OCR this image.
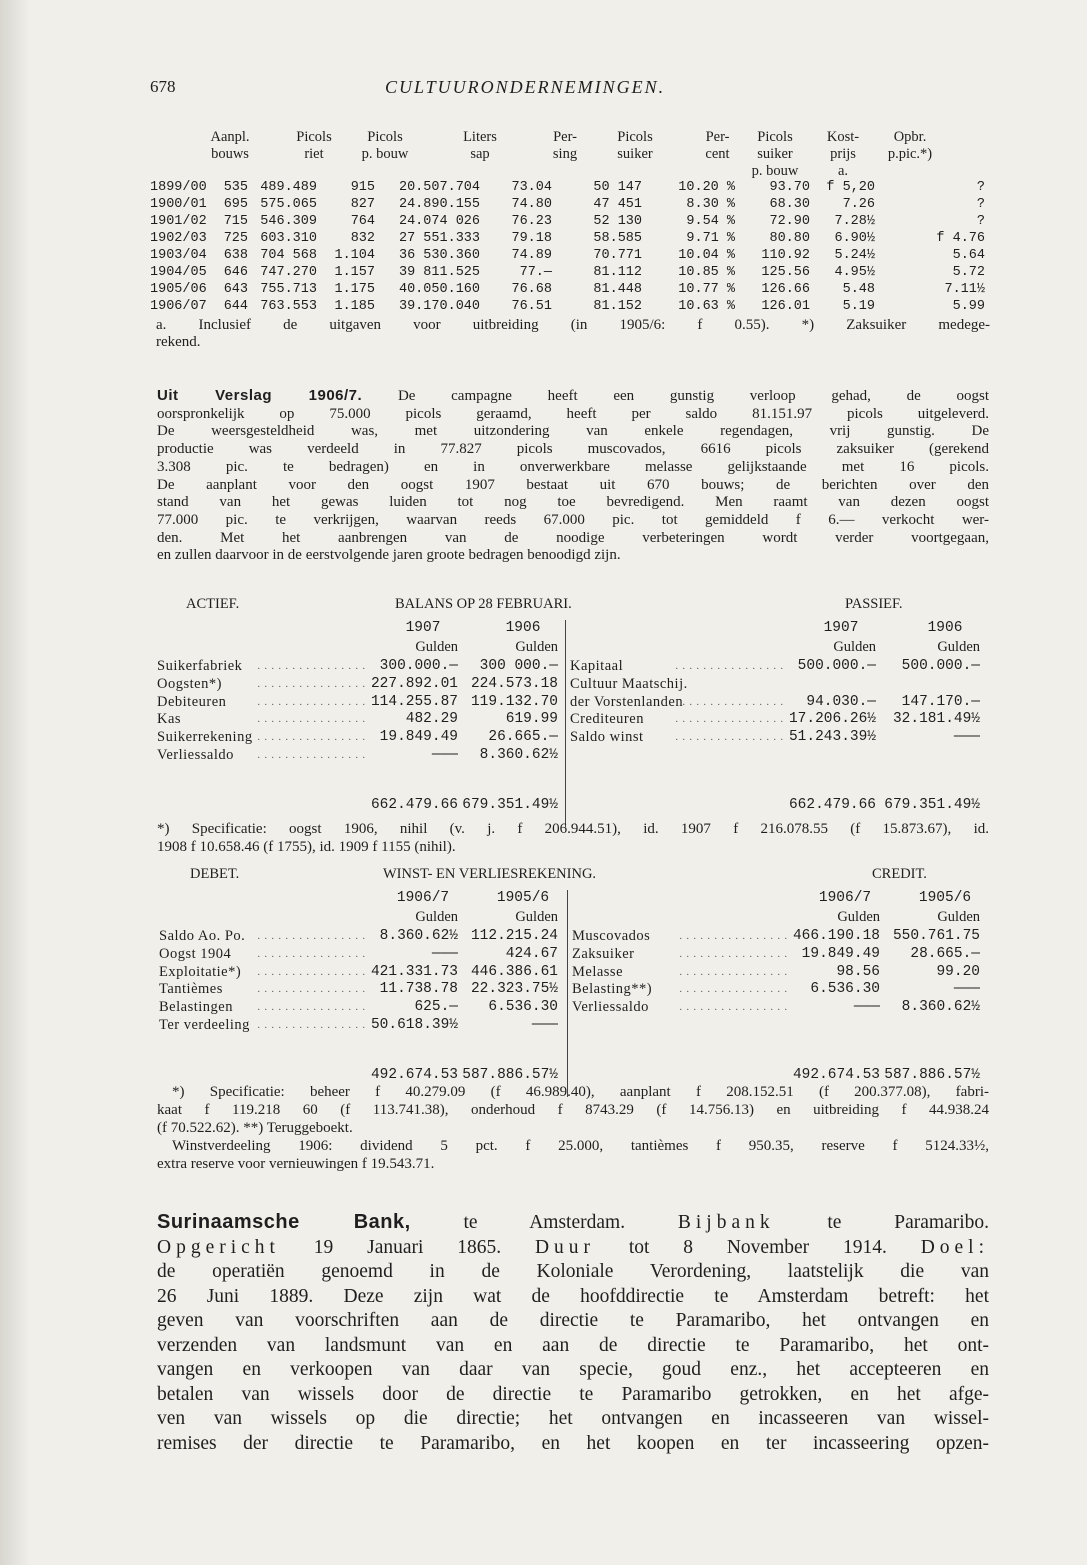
678	CULTUURONDERNEMINGEN.
Aanpl.	Picols	Picols	Liters	Per-	Picols	Per-	Picols	Kost-	Opbr.
bouws	riet	p. bouw	sap	sing	suiker	cent	suiker	prijs	p.pic.*)
p. bouw	a.
1899/00	535 489.489	915	20.507.704	73.04	50 147	10.20 %	93.70	f 5,20	?
1900/01	695 575.065	827	24.890.155	74.80	47 451	8.30 %	68.30	7.26	?
1901/02	715 546.309	764	24.074 026	76.23	52 130	9.54 %	72.90	7.28½	?
1902/03	725 603.310	832	27 551.333	79.18	58.585	9.71 %	80.80	6.90½	f 4.76
1903/04	638 704 568	1.104	36 530.360	74.89	70.771	10.04 %	110.92	5.24½	5.64
1904/05	646 747.270	1.157	39 811.525	77.—	81.112	10.85 %	125.56	4.95½	5.72
1905/06	643 755.713	1.175	40.050.160	76.68	81.448	10.77 %	126.66	5.48	7.11½
1906/07	644 763.553	1.185	39.170.040	76.51	81.152	10.63 %	126.01	5.19	5.99
a. Inclusief de uitgaven voor uitbreiding (in 1905/6: f 0.55). *) Zaksuiker medege-
rekend.
Uit Verslag 1906/7. De campagne heeft een gunstig verloop gehad, de oogst
oorspronkelijk op 75.000 picols geraamd, heeft per saldo 81.151.97 picols uitgeleverd.
De weersgesteldheid was, met uitzondering van enkele regendagen, vrij gunstig. De
productie was verdeeld in 77.827 picols muscovados, 6616 picols zaksuiker (gerekend
3.308 pic. te bedragen) en in onverwerkbare melasse gelijkstaande met 16 picols.
De aanplant voor den oogst 1907 bestaat uit 670 bouws; de berichten over den
stand van het gewas luiden tot nog toe bevredigend. Men raamt van dezen oogst
77.000 pic. te verkrijgen, waarvan reeds 67.000 pic. tot gemiddeld f 6.— verkocht wer-
den. Met het aanbrengen van de noodige verbeteringen wordt verder voortgegaan,
en zullen daarvoor in de eerstvolgende jaren groote bedragen benoodigd zijn.
ACTIEF.	BALANS OP 28 FEBRUARI.	PASSIEF.
1907	1906	1907	1906
Gulden	Gulden	Gulden	Gulden
Suikerfabriek . . . . . . . . . . . . . . . . 300.000.—	300 000.—
Oogsten*)	. . . . . . . . . . . . . . . . 227.892.01 224.573.18
Debiteuren	. . . . . . . . . . . . . . . . 114.255.87 119.132.70
Kas	. . . . . . . . . . . . . . . .	482.29	619.99
Suikerrekening . . . . . . . . . . . . . . . . 19.849.49	26.665.—
Verliessaldo . . . . . . . . . . . . . . . .	———	8.360.62½
Kapitaal	. . . . . . . . . . . . . . . . 500.000.—	500.000.—
Cultuur Maatschij.
der Vorstenlanden
. . . . . . . . . . . . . . . .	94.030.—	147.170.—
Crediteuren	. . . . . . . . . . . . . . . . 17.206.26½	32.181.49½
Saldo winst	. . . . . . . . . . . . . . . . 51.243.39½	———
662.479.66 679.351.49½	662.479.66 679.351.49½
*) Specificatie: oogst 1906, nihil (v. j. f 206.944.51), id. 1907 f 216.078.55 (f 15.873.67), id.
1908 f 10.658.46 (f 1755), id. 1909 f 1155 (nihil).
DEBET.	WINST- EN VERLIESREKENING.	CREDIT.
1906/7	1905/6	1906/7	1905/6
Gulden	Gulden	Gulden	Gulden
Saldo Ao. Po. . . . . . . . . . . . . . . . . 8.360.62½ 112.215.24
Oogst 1904	. . . . . . . . . . . . . . . .	———	424.67
Exploitatie*) . . . . . . . . . . . . . . . . 421.331.73 446.386.61
Tantièmes	. . . . . . . . . . . . . . . . 11.738.78 22.323.75½
Belastingen . . . . . . . . . . . . . . . .	625.—	6.536.30
Ter verdeeling . . . . . . . . . . . . . . . . 50.618.39½	———
Muscovados	. . . . . . . . . . . . . . . . 466.190.18 550.761.75
Zaksuiker	. . . . . . . . . . . . . . . . 19.849.49	28.665.—
Melasse	. . . . . . . . . . . . . . . .	98.56	99.20
Belasting**)	. . . . . . . . . . . . . . . .	6.536.30	———
Verliessaldo	. . . . . . . . . . . . . . . .	———	8.360.62½
492.674.53 587.886.57½	492.674.53 587.886.57½
*) Specificatie: beheer f 40.279.09 (f 46.989.40), aanplant f 208.152.51 (f 200.377.08), fabri-
kaat f 119.218 60 (f 113.741.38), onderhoud f 8743.29 (f 14.756.13) en uitbreiding f 44.938.24
(f 70.522.62). **) Teruggeboekt.
Winstverdeeling 1906: dividend 5 pct. f 25.000, tantièmes f 950.35, reserve f 5124.33½,
extra reserve voor vernieuwingen f 19.543.71.
Surinaamsche Bank,	te Amsterdam. Bijbank te Paramaribo.
Opgericht 19 Januari 1865. Duur tot 8 November 1914. Doel:
de operatiën genoemd in de Koloniale Verordening, laatstelijk die van
26 Juni 1889. Deze zijn wat de hoofddirectie te Amsterdam betreft: het
geven van voorschriften aan de directie te Paramaribo, het ontvangen en
verzenden van landsmunt van en aan de directie te Paramaribo, het ont-
vangen en verkoopen van daar van specie, goud enz., het accepteeren en
betalen van wissels door de directie te Paramaribo getrokken, en het afge-
ven van wissels op die directie; het ontvangen en incasseeren van wissel-
remises der directie te Paramaribo, en het koopen en ter incasseering opzen-
